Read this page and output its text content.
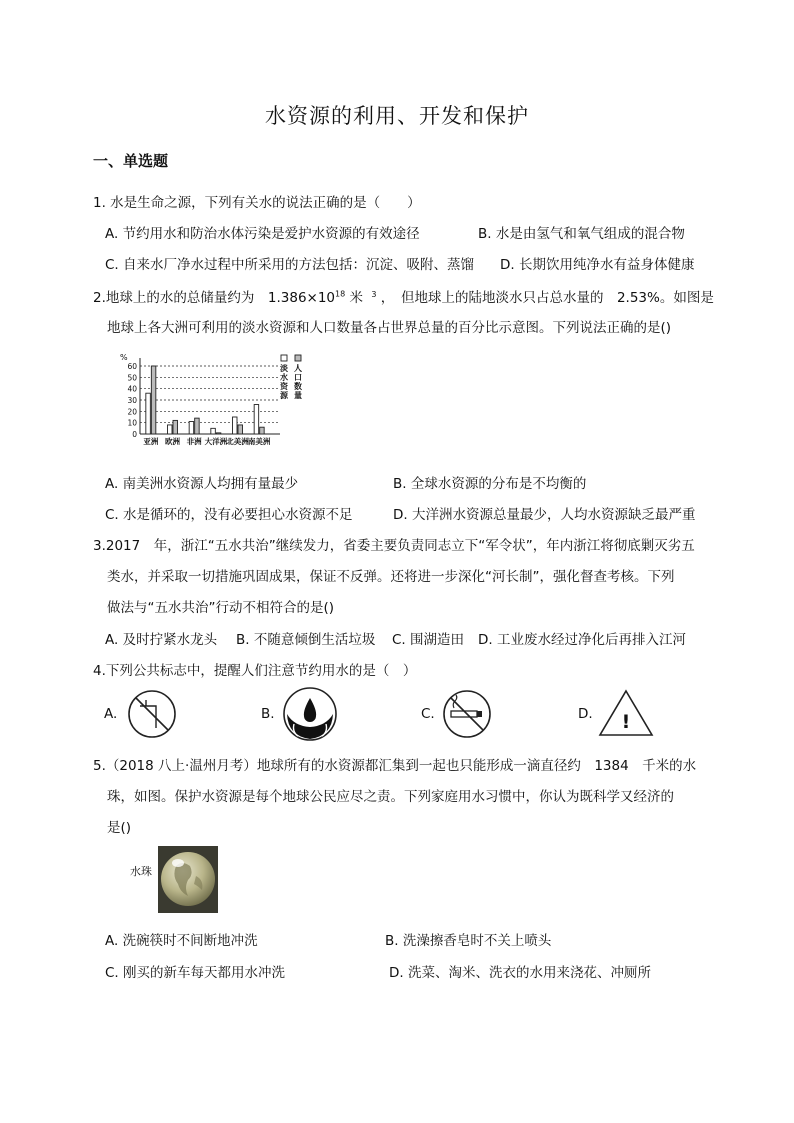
水资源的利用、开发和保护
一、单选题
1. 水是生命之源，下列有关水的说法正确的是（　　）
A. 节约用水和防治水体污染是爱护水资源的有效途径	B. 水是由氢气和氧气组成的混合物
C. 自来水厂净水过程中所采用的方法包括：沉淀、吸附、蒸馏 D. 长期饮用纯净水有益身体健康
2.地球上的水的总储量约为　$1.386\times 10^{18}$ 米 $^3$ ，　但地球上的陆地淡水只占总水量的　2.53%。如图是
地球上各大洲可利用的淡水资源和人口数量各占世界总量的百分比示意图。下列说法正确的是()
%
60
50
40
30
20
10
0
亚洲 欧洲 非洲 大洋洲 北美洲 南美洲
淡
水
资
源
人
口
数
量
A. 南美洲水资源人均拥有量最少	B. 全球水资源的分布是不均衡的
C. 水是循环的，没有必要担心水资源不足	D. 大洋洲水资源总量最少，人均水资源缺乏最严重
3.2017　年，浙江“五水共治”继续发力，省委主要负责同志立下“军令状”，年内浙江将彻底剿灭劣五
类水，并采取一切措施巩固成果，保证不反弹。还将进一步深化“河长制”，强化督查考核。下列
做法与“五水共治”行动不相符合的是()
A. 及时拧紧水龙头 B. 不随意倾倒生活垃圾 C. 围湖造田 D. 工业废水经过净化后再排入江河
4.下列公共标志中，提醒人们注意节约用水的是（　）
A.	B.	C.	D. !
5.（2018 八上·温州月考）地球所有的水资源都汇集到一起也只能形成一滴直径约　1384　千米的水
珠，如图。保护水资源是每个地球公民应尽之责。下列家庭用水习惯中，你认为既科学又经济的
是()
水珠
A. 洗碗筷时不间断地冲洗	B. 洗澡擦香皂时不关上喷头
C. 刚买的新车每天都用水冲洗	D. 洗菜、淘米、洗衣的水用来浇花、冲厕所
